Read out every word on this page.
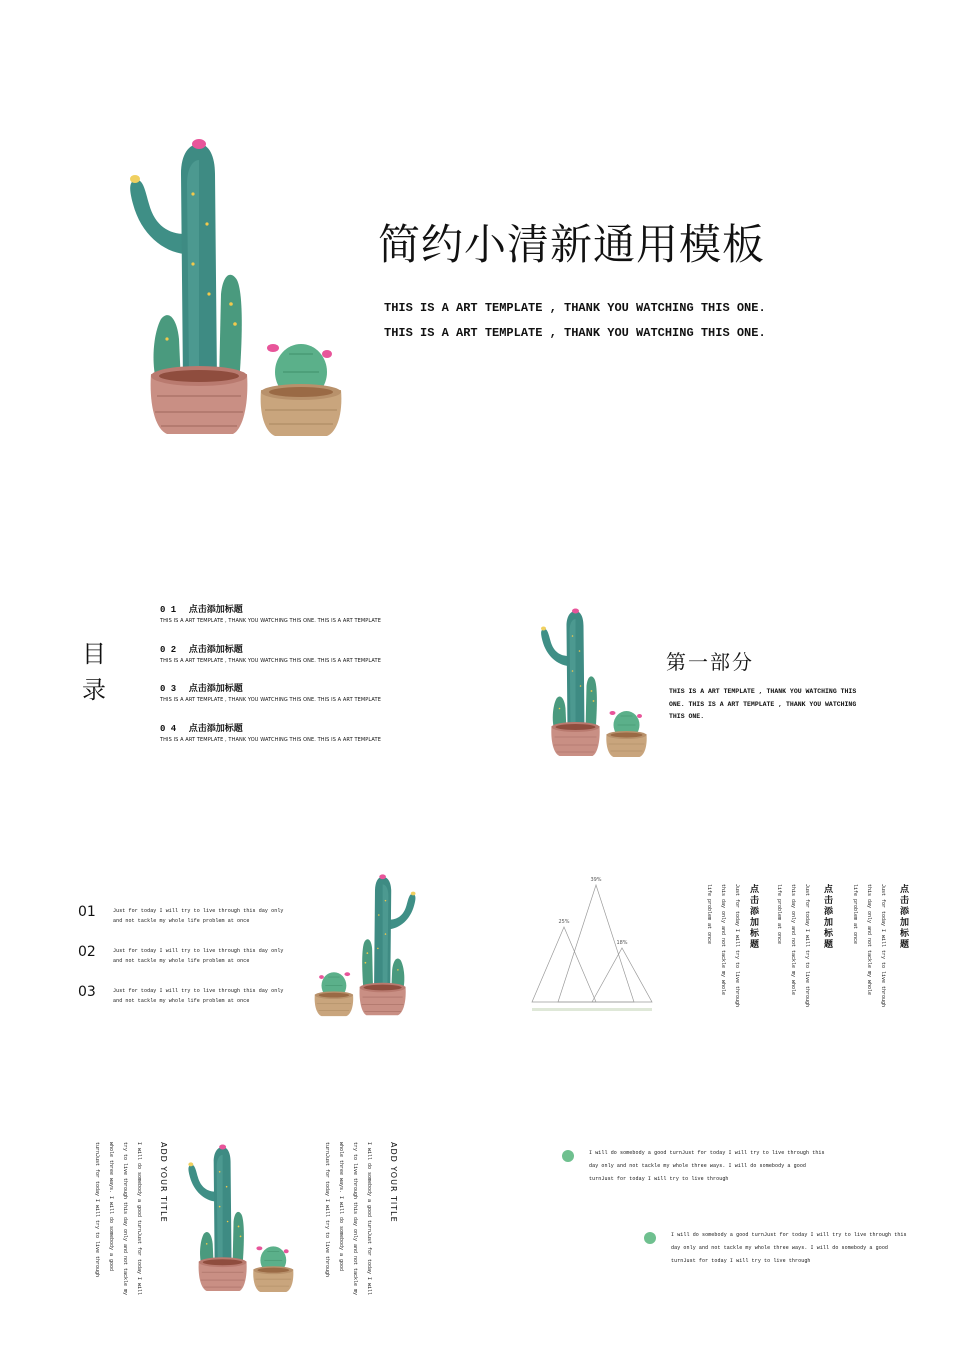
简约小清新通用模板
THIS IS A ART TEMPLATE , THANK YOU WATCHING THIS ONE. THIS IS A ART TEMPLATE , THANK YOU WATCHING THIS ONE.
目 录
0 1 点击添加标题
THIS IS A ART TEMPLATE , THANK YOU WATCHING THIS ONE. THIS IS A ART TEMPLATE
0 2 点击添加标题
THIS IS A ART TEMPLATE , THANK YOU WATCHING THIS ONE. THIS IS A ART TEMPLATE
0 3 点击添加标题
THIS IS A ART TEMPLATE , THANK YOU WATCHING THIS ONE. THIS IS A ART TEMPLATE
0 4 点击添加标题
THIS IS A ART TEMPLATE , THANK YOU WATCHING THIS ONE. THIS IS A ART TEMPLATE
第一部分
THIS IS A ART TEMPLATE , THANK YOU WATCHING THIS ONE. THIS IS A ART TEMPLATE , THANK YOU WATCHING THIS ONE.
01	Just for today I will try to live through this day only
and not tackle my whole life problem at once
02	Just for today I will try to live through this day only
and not tackle my whole life problem at once
03	Just for today I will try to live through this day only
and not tackle my whole life problem at once
25%
39%
18%	点击添加标题
Just for today I will try to live through this day only and not tackle my whole life problem at once
点击添加标题
Just for today I will try to live through this day only and not tackle my whole life problem at once
点击添加标题
Just for today I will try to live through this day only and not tackle my whole life problem at once
ADD YOUR TITLE
I will do somebody a good turnJust for today I will try to live through this day only and not tackle my whole three ways. I will do somebody a good turnJust for today I will try to live through	ADD YOUR TITLE
I will do somebody a good turnJust for today I will try to live through this day only and not tackle my whole three ways. I will do somebody a good turnJust for today I will try to live through	I will do somebody a good turnJust for today I will try to live through this
day only and not tackle my whole three ways. I will do somebody a good
turnJust for today I will try to live through
I will do somebody a good turnJust for today I will try to live through this
day only and not tackle my whole three ways. I will do somebody a good
turnJust for today I will try to live through
